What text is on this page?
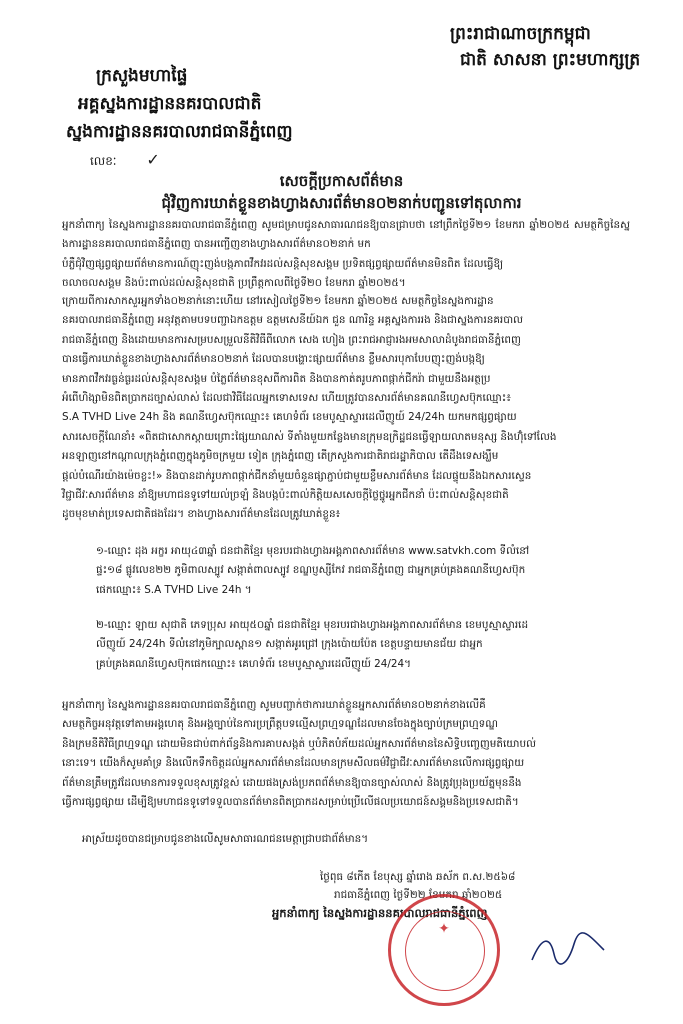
ព្រះរាជាណាចក្រកម្ពុជា
ជាតិ សាសនា ព្រះមហាក្សត្រ
ក្រសួងមហាផ្ទៃ
អគ្គស្នងការដ្ឋាននគរបាលជាតិ
ស្នងការដ្ឋាននគរបាលរាជធានីភ្នំពេញ
លេខៈ ✓
សេចក្តីប្រកាសព័ត៌មាន
ជុំវិញការឃាត់ខ្លួនខាងហ្វាងសារព័ត៌មាន០២នាក់បញ្ជូនទៅតុលាការ
អ្នកនាំពាក្យ នៃស្នងការដ្ឋាននគរបាលរាជធានីភ្នំពេញ សូមជម្រាបជូនសាធារណជនឱ្យបានជ្រាបថា នៅព្រឹកថ្ងៃទី២១ ខែមករា ឆ្នាំ២០២៥ សមត្ថកិច្ចនៃស្នងការដ្ឋាននគរបាលរាជធានីភ្នំពេញ បានអញ្ជើញខាងហ្វាងសារព័ត៌មាន០២នាក់ មក
បំភ្លឺជុំវិញផ្សព្វផ្សាយព័ត៌មានការណ៍ញុះញង់បង្កភាពវឹកវរដល់សន្តិសុខសង្គម ប្រទិតផ្សព្វផ្សាយព័ត៌មានមិនពិត ដែលធ្វើឱ្យ
ចលាចលសង្គម និងប៉ះពាល់ដល់សន្តិសុខជាតិ ប្រព្រឹត្តកាលពីថ្ងៃទី២០ ខែមករា ឆ្នាំ២០២៥។
ក្រោយពីការសាកសួរអ្នកទាំង០២នាក់នោះហើយ នៅរសៀលថ្ងៃទី២១ ខែមករា ឆ្នាំ២០២៥ សមត្ថកិច្ចនៃស្នងការដ្ឋាន
នគរបាលរាជធានីភ្នំពេញ អនុវត្តតាមបទបញ្ជាឯកឧត្តម ឧត្តមសេនីយ៍ឯក ជួន ណារិន្ទ អគ្គស្នងការរង និងជាស្នងការនគរបាល
រាជធានីភ្នំពេញ និងដោយមានការសម្របសម្រួលនីតិវិធីពីលោក សេង ហៀង ព្រះរាជអាជ្ញារងអមសាលាដំបូងរាជធានីភ្នំពេញ
បានធ្វើការឃាត់ខ្លួនខាងហ្វាងសារព័ត៌មាន០២នាក់ ដែលបានបង្ហោះផ្សាយព័ត៌មាន ខ្លឹមសារបុកាបែបញុះញង់បង្កឱ្យ
មានភាពវឹកវរធ្ងន់ធ្ងរដល់សន្តិសុខសង្គម បំភ្លៃព័ត៌មានខុសពីការពិត និងបានកាត់តរូបភាពផ្កាក់ជីករ៉ា ជាមួយនឹងអត្ថប្រ
អំពើហិង្សាមិនពិតប្រាកដច្បាស់លាស់ ដែលជាវិធីដែលអ្នកទោសទេស ហើយត្រូវបានសារព័ត៌មានគណនីហ្វេសប៊ុកឈ្មោះ៖
S.A TVHD Live 24h និង គណនីហ្វេសប៊ុកឈ្មោះ៖ គេហទំព័រ ខេមបូស្មាស្ទារដេលីញូយ៍ 24/24h យកមកផ្សព្វផ្សាយ
សារសេចក្តីណែនាំ៖ «ពិតជាសោកស្ដាយព្រោះផ្សៃយាណស់ ទីតាំងមួយកន្លែងមានក្រុមឧក្រិដ្ឋជនធ្វើឡាយលាតមនុស្ស និងហ៊ុំទៅលែង
អនឡាញនៅកណ្ដាលក្រុងភ្នំពេញក្នុងភូមិចក្រមួយ ទៀត ក្រុងភ្នំពេញ តើក្រសួងការជាតិរាជរដ្ឋាភិបាល តើដឹងទេសង្ឃឹម
ផ្តល់បំណើរយ៉ាងម៉េចខ្លះ!» និងបានដាក់រូបភាពផ្កាក់ជីកនាំមួយចំនួនផ្សាភ្ជាប់ជាមួយខ្លឹមសារព័ត៌មាន ដែលផ្ទុយនឹងឯកសារស្ទេន
វិជ្ជាជីវៈសារព័ត៌មាន នាំឱ្យមហាជនទូទៅយល់ច្រឡំ និងបង្កប៉ះពាល់កិត្តិយសសេចក្ដីថ្លៃថ្នូរអ្នកជីកនាំ ប៉ះពាល់សន្តិសុខជាតិ
ដូចមុខមាត់ប្រទេសជាតិផងដែរ។ ខាងហ្វាងសារព័ត៌មានដែលត្រូវឃាត់ខ្លួន៖
១-ឈ្មោះ ដុង អក្ខរ អាយុ៤៣ឆ្នាំ ជនជាតិខ្មែរ មុខរបរជាងហ្វាងអង្គភាពសារព័ត៌មាន www.satvkh.com ទីលំនៅ
ផ្ទះ១៨ ផ្លូវលេខ២២ ភូមិពាលស្បូវ សង្កាត់ពាលស្បូវ ខណ្ឌប្ញស្សីកែវ រាជធានីភ្នំពេញ ជាអ្នកគ្រប់គ្រងគណនីហ្វេសប៊ុក
ផេកឈ្មោះ៖ S.A TVHD Live 24h ។
២-ឈ្មោះ ឡាយ សុជាតិ ភេទប្រុស អាយុ៥០ឆ្នាំ ជនជាតិខ្មែរ មុខរបរជាងហ្វាងអង្គភាពសារព័ត៌មាន ខេមបូស្មាស្ទារដេ
លីញូយ៍ 24/24h ទីលំនៅភូមិក្បាលស្ពាន១ សង្កាត់អូរជ្រៅ ក្រុងប៉ោយប៉ែត ខេត្តបន្ទាយមានជ័យ ជាអ្នក
គ្រប់គ្រងគណនីហ្វេសប៊ុកផេកឈ្មោះ៖ គេហទំព័រ ខេមបូស្មាស្ទារដេលីញូយ៍ 24/24។
អ្នកនាំពាក្យ នៃស្នងការដ្ឋាននគរបាលរាជធានីភ្នំពេញ សូមបញ្ជាក់ថាការឃាត់ខ្លួនអ្នកសារព័ត៌មាន០២នាក់ខាងលើគឺ
សមត្ថកិច្ចអនុវត្តទៅតាមអង្គហេតុ និងអង្គច្បាប់នៃការប្រព្រឹត្តបទល្មើសព្រហ្មទណ្ឌដែលមានចែងក្នុងច្បាប់ក្រមព្រហ្មទណ្ឌ
និងក្រមនីតិវិធីព្រហ្មទណ្ឌ ដោយមិនជាប់ពាក់ព័ន្ធនិងការគាបសង្កត់ ឬបំភិតបំភ័យដល់អ្នកសារព័ត៌មាននៃសិទ្ធិបញ្ចេញមតិយោបល់
នោះទេ។ យើងក៏សូមគាំទ្រ និងលើកទឹកចិត្តដល់អ្នកសារព័ត៌មានដែលមានក្រមសីលធម៌វិជ្ជាជីវៈសារព័ត៌មានលើការផ្សព្វផ្សាយ
ព័ត៌មានត្រឹមត្រូវដែលមានការទទួលខុសត្រូវខ្ពស់ ដោយផងស្រង់ប្រភពព័ត៌មានឱ្យបានច្បាស់លាស់ និងត្រូវប្រុងប្រយ័ត្នមុននឹង
ធ្វើការផ្សព្វផ្សាយ ដើម្បីឱ្យមហាជនទូទៅទទួលបានព័ត៌មានពិតប្រាកដសម្រាប់ប្រើលើផលប្រយោជន៍សង្គមនិងប្រទេសជាតិ។
អាស្រ័យដូចបានជម្រាបជូនខាងលើសូមសាធារណជនមេត្តាជ្រាបជាព័ត៌មាន។
ថ្ងៃពុធ ៨កើត ខែបុស្ស ឆ្នាំរោង ឆស័ក ព.ស.២៥៦៨
រាជធានីភ្នំពេញ ថ្ងៃទី២២ ខែមករា ឆ្នាំ២០២៥
អ្នកនាំពាក្យ នៃស្នងការដ្ឋាននគរបាលរាជធានីភ្នំពេញ
✦
